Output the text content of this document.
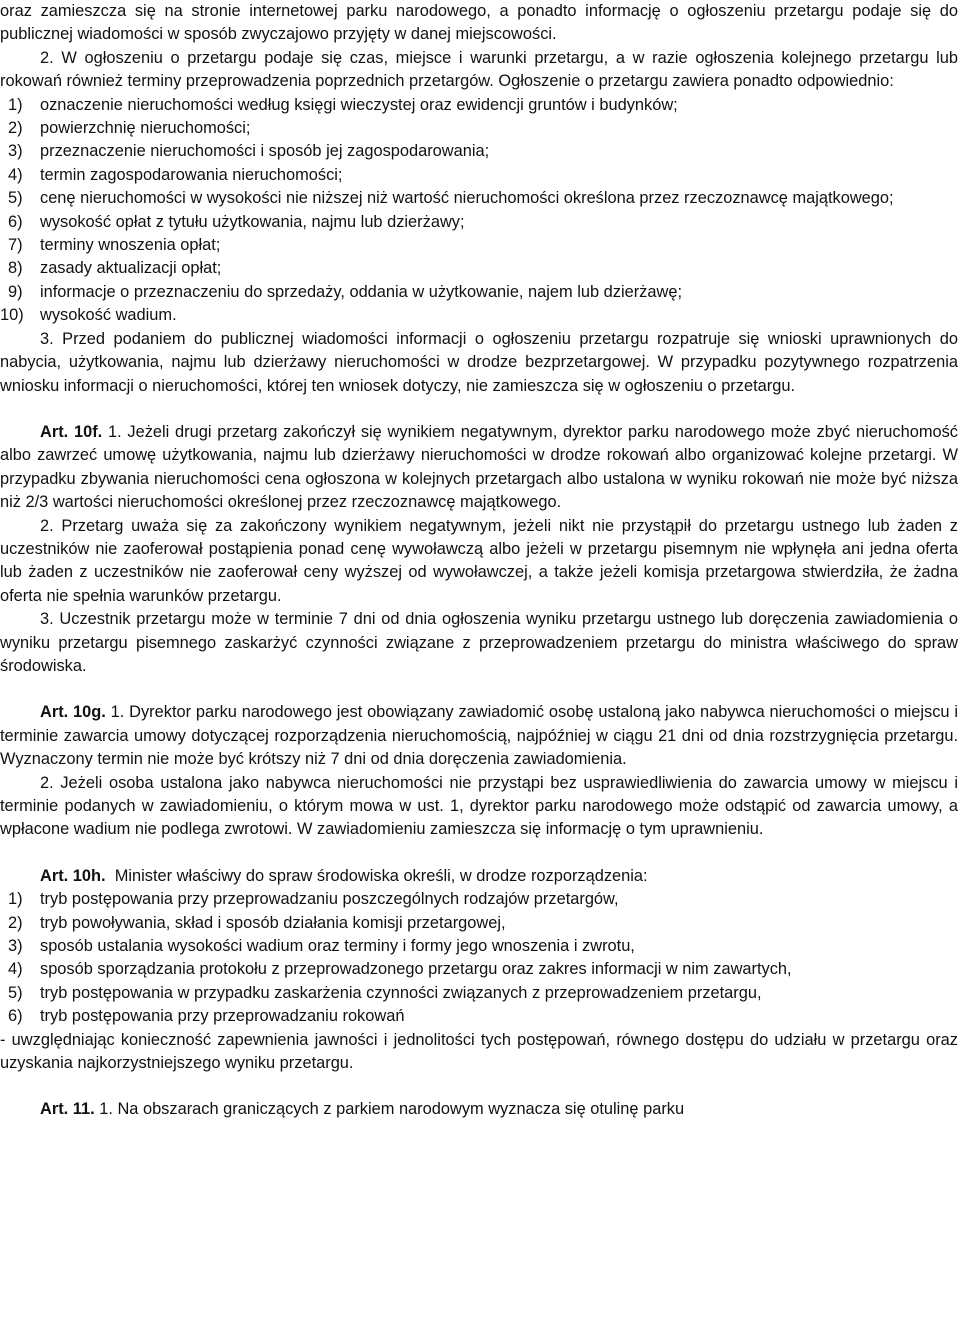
oraz zamieszcza się na stronie internetowej parku narodowego, a ponadto informację o ogłoszeniu przetargu podaje się do publicznej wiadomości w sposób zwyczajowo przyjęty w danej miejscowości.

2. W ogłoszeniu o przetargu podaje się czas, miejsce i warunki przetargu, a w razie ogłoszenia kolejnego przetargu lub rokowań również terminy przeprowadzenia poprzednich przetargów. Ogłoszenie o przetargu zawiera ponadto odpowiednio:

1) oznaczenie nieruchomości według księgi wieczystej oraz ewidencji gruntów i budynków;
2) powierzchnię nieruchomości;
3) przeznaczenie nieruchomości i sposób jej zagospodarowania;
4) termin zagospodarowania nieruchomości;
5) cenę nieruchomości w wysokości nie niższej niż wartość nieruchomości określona przez rzeczoznawcę majątkowego;
6) wysokość opłat z tytułu użytkowania, najmu lub dzierżawy;
7) terminy wnoszenia opłat;
8) zasady aktualizacji opłat;
9) informacje o przeznaczeniu do sprzedaży, oddania w użytkowanie, najem lub dzierżawę;
10) wysokość wadium.

3. Przed podaniem do publicznej wiadomości informacji o ogłoszeniu przetargu rozpatruje się wnioski uprawnionych do nabycia, użytkowania, najmu lub dzierżawy nieruchomości w drodze bezprzetargowej. W przypadku pozytywnego rozpatrzenia wniosku informacji o nieruchomości, której ten wniosek dotyczy, nie zamieszcza się w ogłoszeniu o przetargu.

Art. 10f. 1. Jeżeli drugi przetarg zakończył się wynikiem negatywnym, dyrektor parku narodowego może zbyć nieruchomość albo zawrzeć umowę użytkowania, najmu lub dzierżawy nieruchomości w drodze rokowań albo organizować kolejne przetargi. W przypadku zbywania nieruchomości cena ogłoszona w kolejnych przetargach albo ustalona w wyniku rokowań nie może być niższa niż 2/3 wartości nieruchomości określonej przez rzeczoznawcę majątkowego.

2. Przetarg uważa się za zakończony wynikiem negatywnym, jeżeli nikt nie przystąpił do przetargu ustnego lub żaden z uczestników nie zaoferował postąpienia ponad cenę wywoławczą albo jeżeli w przetargu pisemnym nie wpłynęła ani jedna oferta lub żaden z uczestników nie zaoferował ceny wyższej od wywoławczej, a także jeżeli komisja przetargowa stwierdziła, że żadna oferta nie spełnia warunków przetargu.

3. Uczestnik przetargu może w terminie 7 dni od dnia ogłoszenia wyniku przetargu ustnego lub doręczenia zawiadomienia o wyniku przetargu pisemnego zaskarżyć czynności związane z przeprowadzeniem przetargu do ministra właściwego do spraw środowiska.

Art. 10g. 1. Dyrektor parku narodowego jest obowiązany zawiadomić osobę ustaloną jako nabywca nieruchomości o miejscu i terminie zawarcia umowy dotyczącej rozporządzenia nieruchomością, najpóźniej w ciągu 21 dni od dnia rozstrzygnięcia przetargu. Wyznaczony termin nie może być krótszy niż 7 dni od dnia doręczenia zawiadomienia.

2. Jeżeli osoba ustalona jako nabywca nieruchomości nie przystąpi bez usprawiedliwienia do zawarcia umowy w miejscu i terminie podanych w zawiadomieniu, o którym mowa w ust. 1, dyrektor parku narodowego może odstąpić od zawarcia umowy, a wpłacone wadium nie podlega zwrotowi. W zawiadomieniu zamieszcza się informację o tym uprawnieniu.

Art. 10h.  Minister właściwy do spraw środowiska określi, w drodze rozporządzenia:

1) tryb postępowania przy przeprowadzaniu poszczególnych rodzajów przetargów,
2) tryb powoływania, skład i sposób działania komisji przetargowej,
3) sposób ustalania wysokości wadium oraz terminy i formy jego wnoszenia i zwrotu,
4) sposób sporządzania protokołu z przeprowadzonego przetargu oraz zakres informacji w nim zawartych,
5) tryb postępowania w przypadku zaskarżenia czynności związanych z przeprowadzeniem przetargu,
6) tryb postępowania przy przeprowadzaniu rokowań

- uwzględniając konieczność zapewnienia jawności i jednolitości tych postępowań, równego dostępu do udziału w przetargu oraz uzyskania najkorzystniejszego wyniku przetargu.

Art. 11. 1. Na obszarach graniczących z parkiem narodowym wyznacza się otulinę parku
